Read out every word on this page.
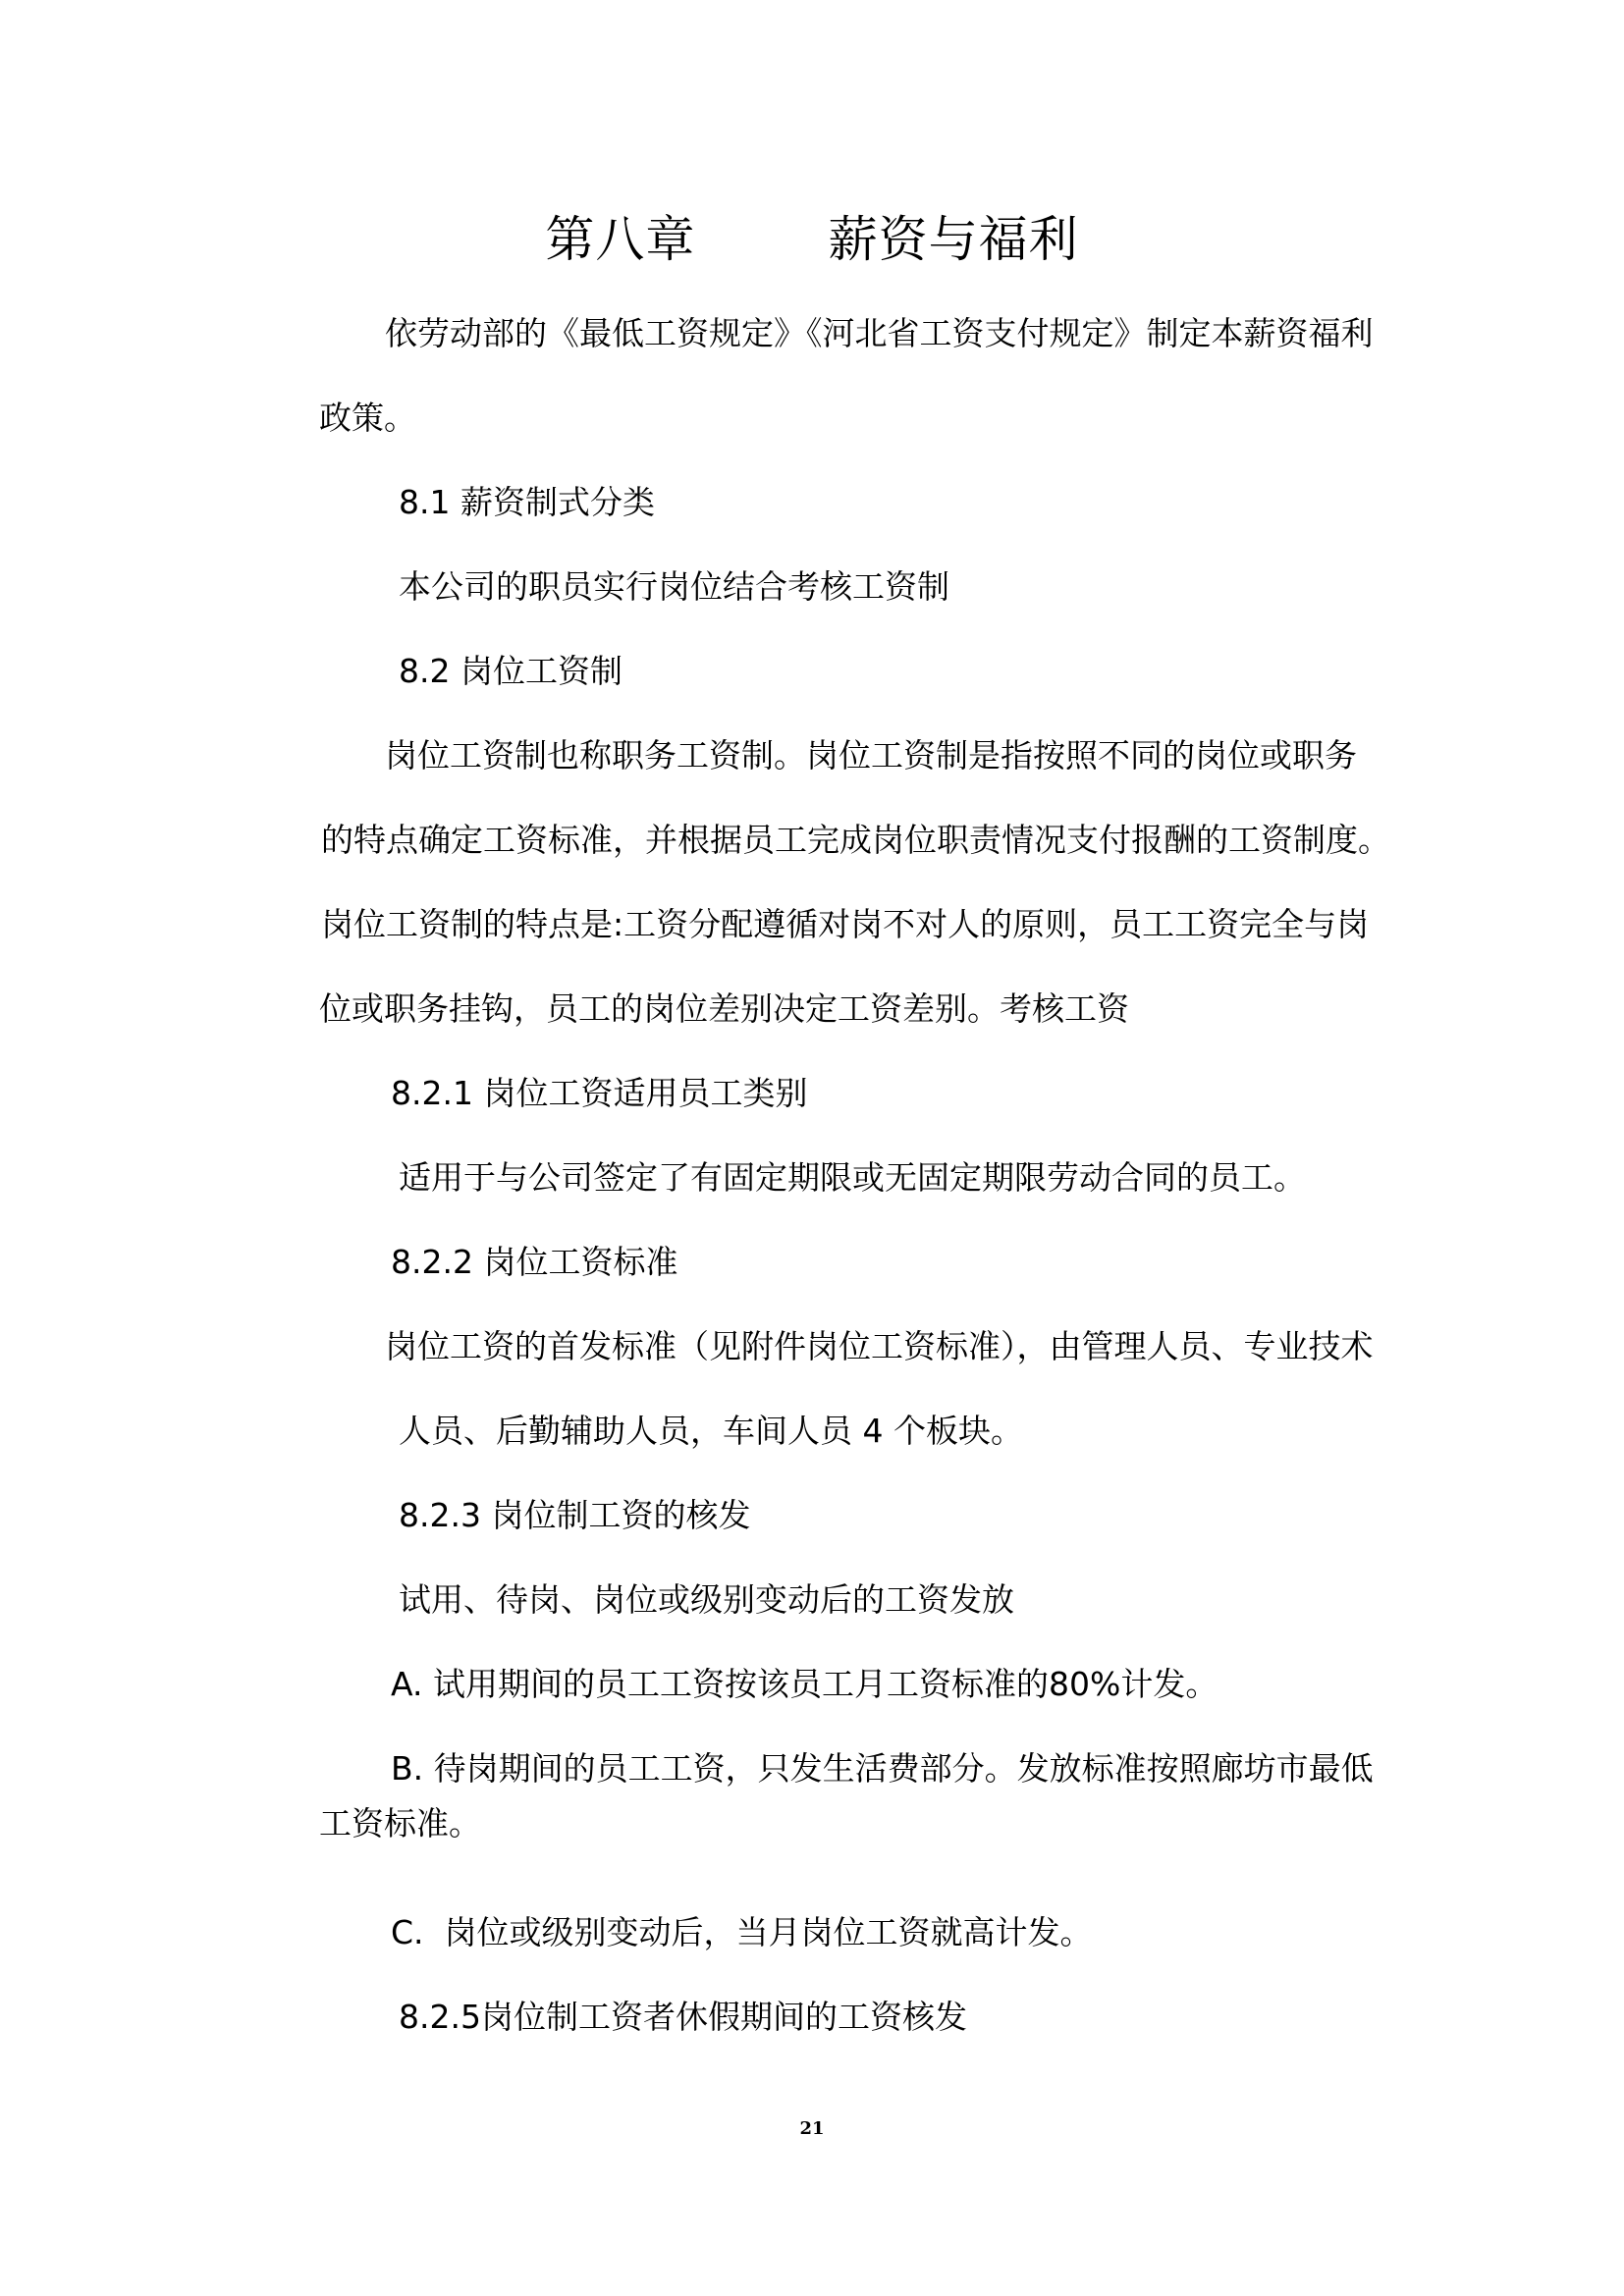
第八章        薪资与福利
依劳动部的《最低工资规定》《河北省工资支付规定》制定本薪资福利
政策。
8.1 薪资制式分类
本公司的职员实行岗位结合考核工资制
8.2 岗位工资制
岗位工资制也称职务工资制。岗位工资制是指按照不同的岗位或职务
的特点确定工资标准，并根据员工完成岗位职责情况支付报酬的工资制度。
岗位工资制的特点是:工资分配遵循对岗不对人的原则，员工工资完全与岗
位或职务挂钩，员工的岗位差别决定工资差别。考核工资
8.2.1 岗位工资适用员工类别
适用于与公司签定了有固定期限或无固定期限劳动合同的员工。
8.2.2 岗位工资标准
岗位工资的首发标准（见附件岗位工资标准），由管理人员、专业技术
人员、后勤辅助人员，车间人员 4 个板块。
8.2.3 岗位制工资的核发
试用、待岗、岗位或级别变动后的工资发放
A. 试用期间的员工工资按该员工月工资标准的80%计发。
B. 待岗期间的员工工资，只发生活费部分。发放标准按照廊坊市最低
工资标准。
C.  岗位或级别变动后，当月岗位工资就高计发。
8.2.5岗位制工资者休假期间的工资核发
21
